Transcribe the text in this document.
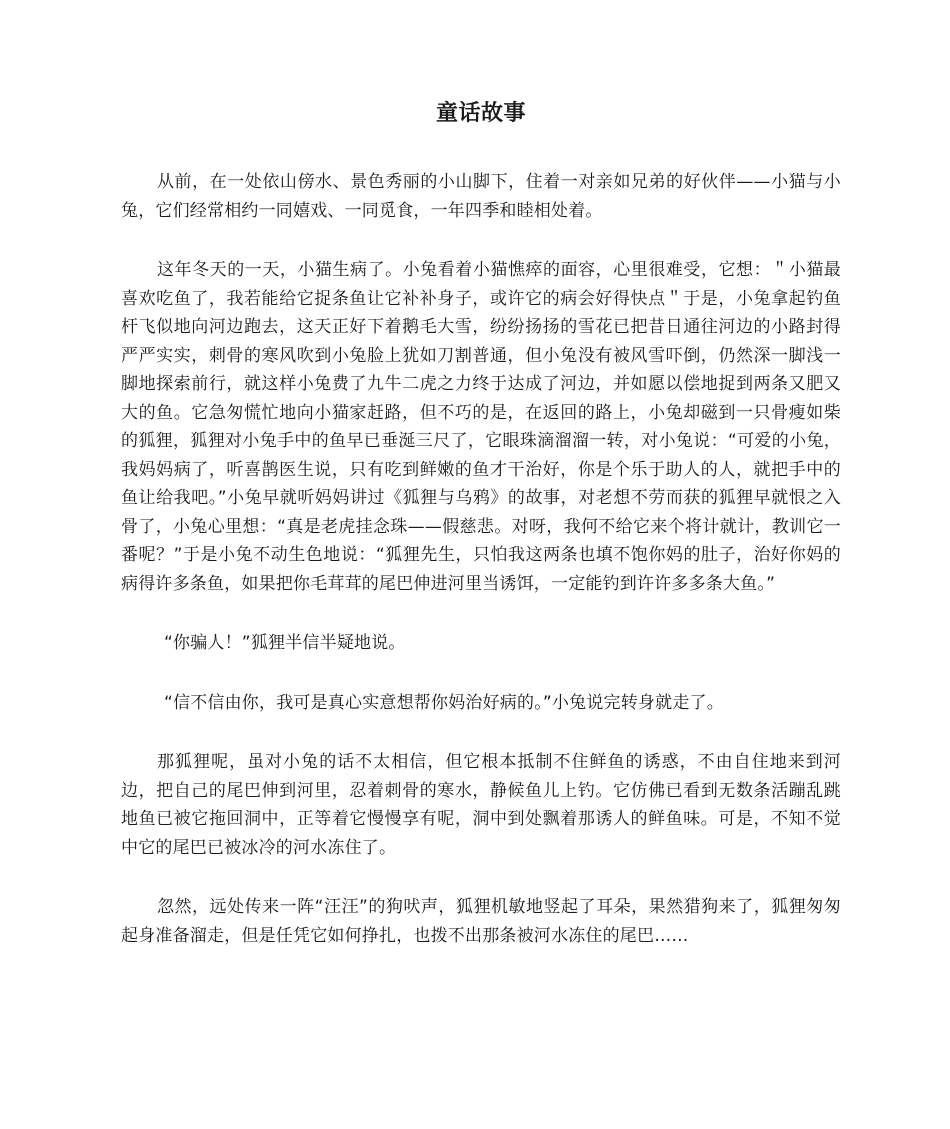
童话故事

从前，在一处依山傍水、景色秀丽的小山脚下，住着一对亲如兄弟的好伙伴——小猫与小兔，它们经常相约一同嬉戏、一同觅食，一年四季和睦相处着。

这年冬天的一天，小猫生病了。小兔看着小猫憔瘁的面容，心里很难受，它想：＂小猫最喜欢吃鱼了，我若能给它捉条鱼让它补补身子，或许它的病会好得快点＂于是，小兔拿起钓鱼杆飞似地向河边跑去，这天正好下着鹅毛大雪，纷纷扬扬的雪花已把昔日通往河边的小路封得严严实实，刺骨的寒风吹到小兔脸上犹如刀割普通，但小兔没有被风雪吓倒，仍然深一脚浅一脚地探索前行，就这样小兔费了九牛二虎之力终于达成了河边，并如愿以偿地捉到两条又肥又大的鱼。它急匆慌忙地向小猫家赶路，但不巧的是，在返回的路上，小兔却磁到一只骨瘦如柴的狐狸，狐狸对小兔手中的鱼早已垂涎三尺了，它眼珠滴溜溜一转，对小兔说：“可爱的小兔，我妈妈病了，听喜鹊医生说，只有吃到鲜嫩的鱼才干治好，你是个乐于助人的人，就把手中的鱼让给我吧。”小兔早就听妈妈讲过《狐狸与乌鸦》的故事，对老想不劳而获的狐狸早就恨之入骨了，小兔心里想：“真是老虎挂念珠——假慈悲。对呀，我何不给它来个将计就计，教训它一番呢？”于是小兔不动生色地说：“狐狸先生，只怕我这两条也填不饱你妈的肚子，治好你妈的病得许多条鱼，如果把你毛茸茸的尾巴伸进河里当诱饵，一定能钓到许许多多条大鱼。”

“你骗人！”狐狸半信半疑地说。

“信不信由你，我可是真心实意想帮你妈治好病的。”小兔说完转身就走了。

那狐狸呢，虽对小兔的话不太相信，但它根本抵制不住鲜鱼的诱惑，不由自住地来到河边，把自己的尾巴伸到河里，忍着刺骨的寒水，静候鱼儿上钓。它仿佛已看到无数条活蹦乱跳地鱼已被它拖回洞中，正等着它慢慢享有呢，洞中到处飘着那诱人的鲜鱼味。可是，不知不觉中它的尾巴已被冰冷的河水冻住了。

忽然，远处传来一阵“汪汪”的狗吠声，狐狸机敏地竖起了耳朵，果然猎狗来了，狐狸匆匆起身准备溜走，但是任凭它如何挣扎，也拨不出那条被河水冻住的尾巴……
